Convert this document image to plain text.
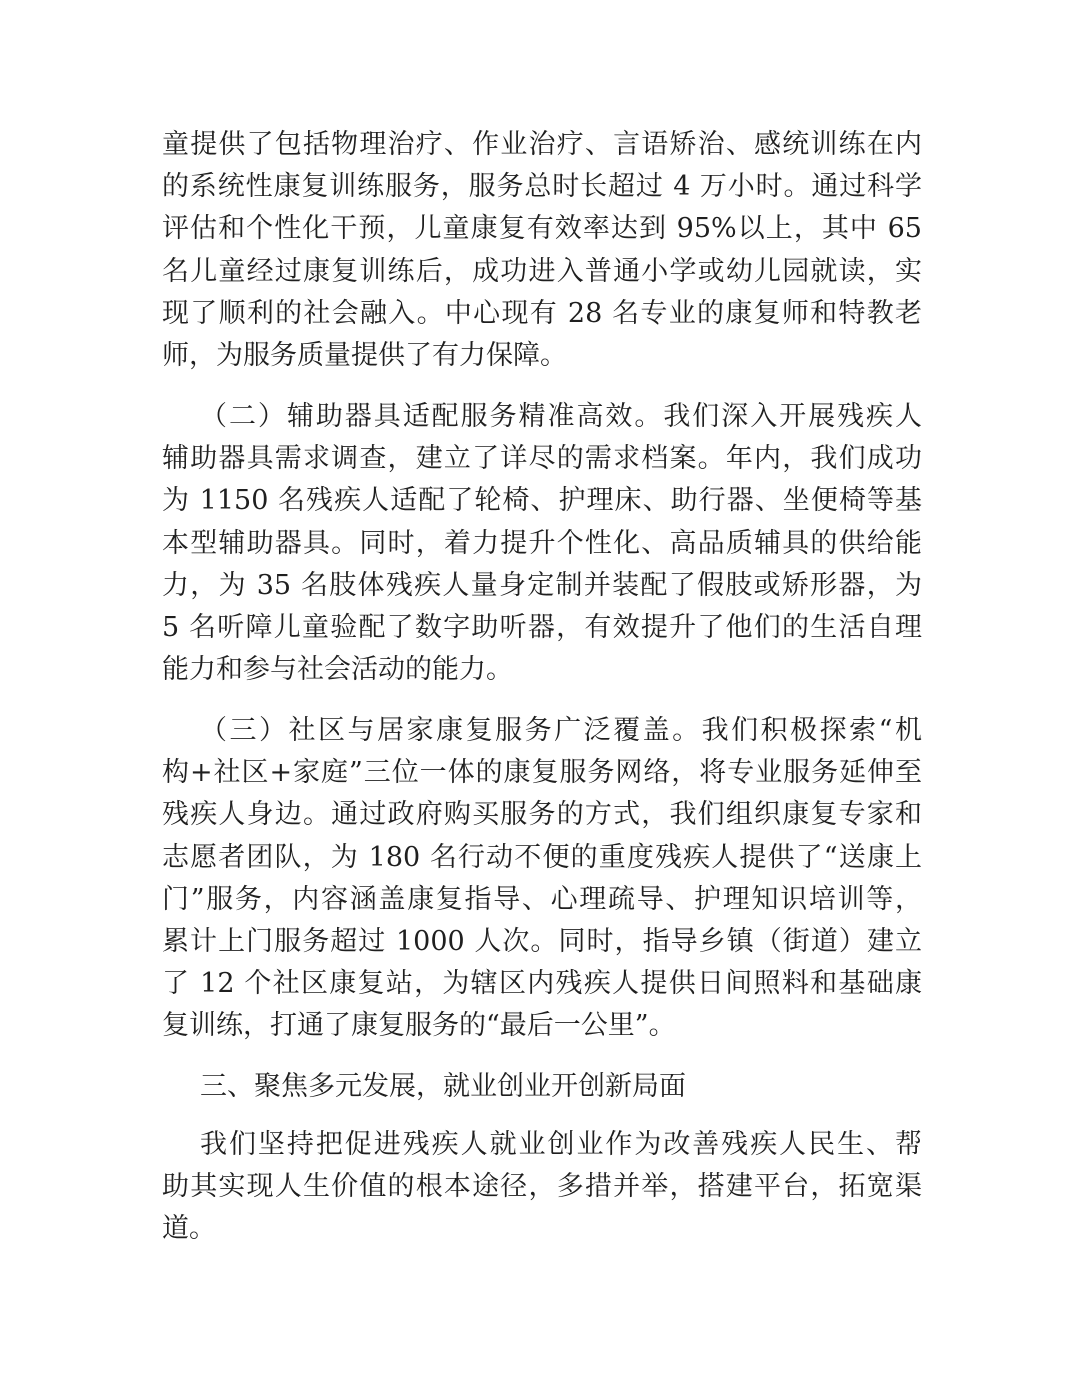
童提供了包括物理治疗、作业治疗、言语矫治、感统训练在内
的系统性康复训练服务，服务总时长超过 4 万小时。通过科学
评估和个性化干预，儿童康复有效率达到 95%以上，其中 65
名儿童经过康复训练后，成功进入普通小学或幼儿园就读，实
现了顺利的社会融入。中心现有 28 名专业的康复师和特教老
师，为服务质量提供了有力保障。
（二）辅助器具适配服务精准高效。我们深入开展残疾人
辅助器具需求调查，建立了详尽的需求档案。年内，我们成功
为 1150 名残疾人适配了轮椅、护理床、助行器、坐便椅等基
本型辅助器具。同时，着力提升个性化、高品质辅具的供给能
力，为 35 名肢体残疾人量身定制并装配了假肢或矫形器，为
5 名听障儿童验配了数字助听器，有效提升了他们的生活自理
能力和参与社会活动的能力。
（三）社区与居家康复服务广泛覆盖。我们积极探索“机
构+社区+家庭”三位一体的康复服务网络，将专业服务延伸至
残疾人身边。通过政府购买服务的方式，我们组织康复专家和
志愿者团队，为 180 名行动不便的重度残疾人提供了“送康上
门”服务，内容涵盖康复指导、心理疏导、护理知识培训等，
累计上门服务超过 1000 人次。同时，指导乡镇（街道）建立
了 12 个社区康复站，为辖区内残疾人提供日间照料和基础康
复训练，打通了康复服务的“最后一公里”。
三、聚焦多元发展，就业创业开创新局面
我们坚持把促进残疾人就业创业作为改善残疾人民生、帮
助其实现人生价值的根本途径，多措并举，搭建平台，拓宽渠
道。
